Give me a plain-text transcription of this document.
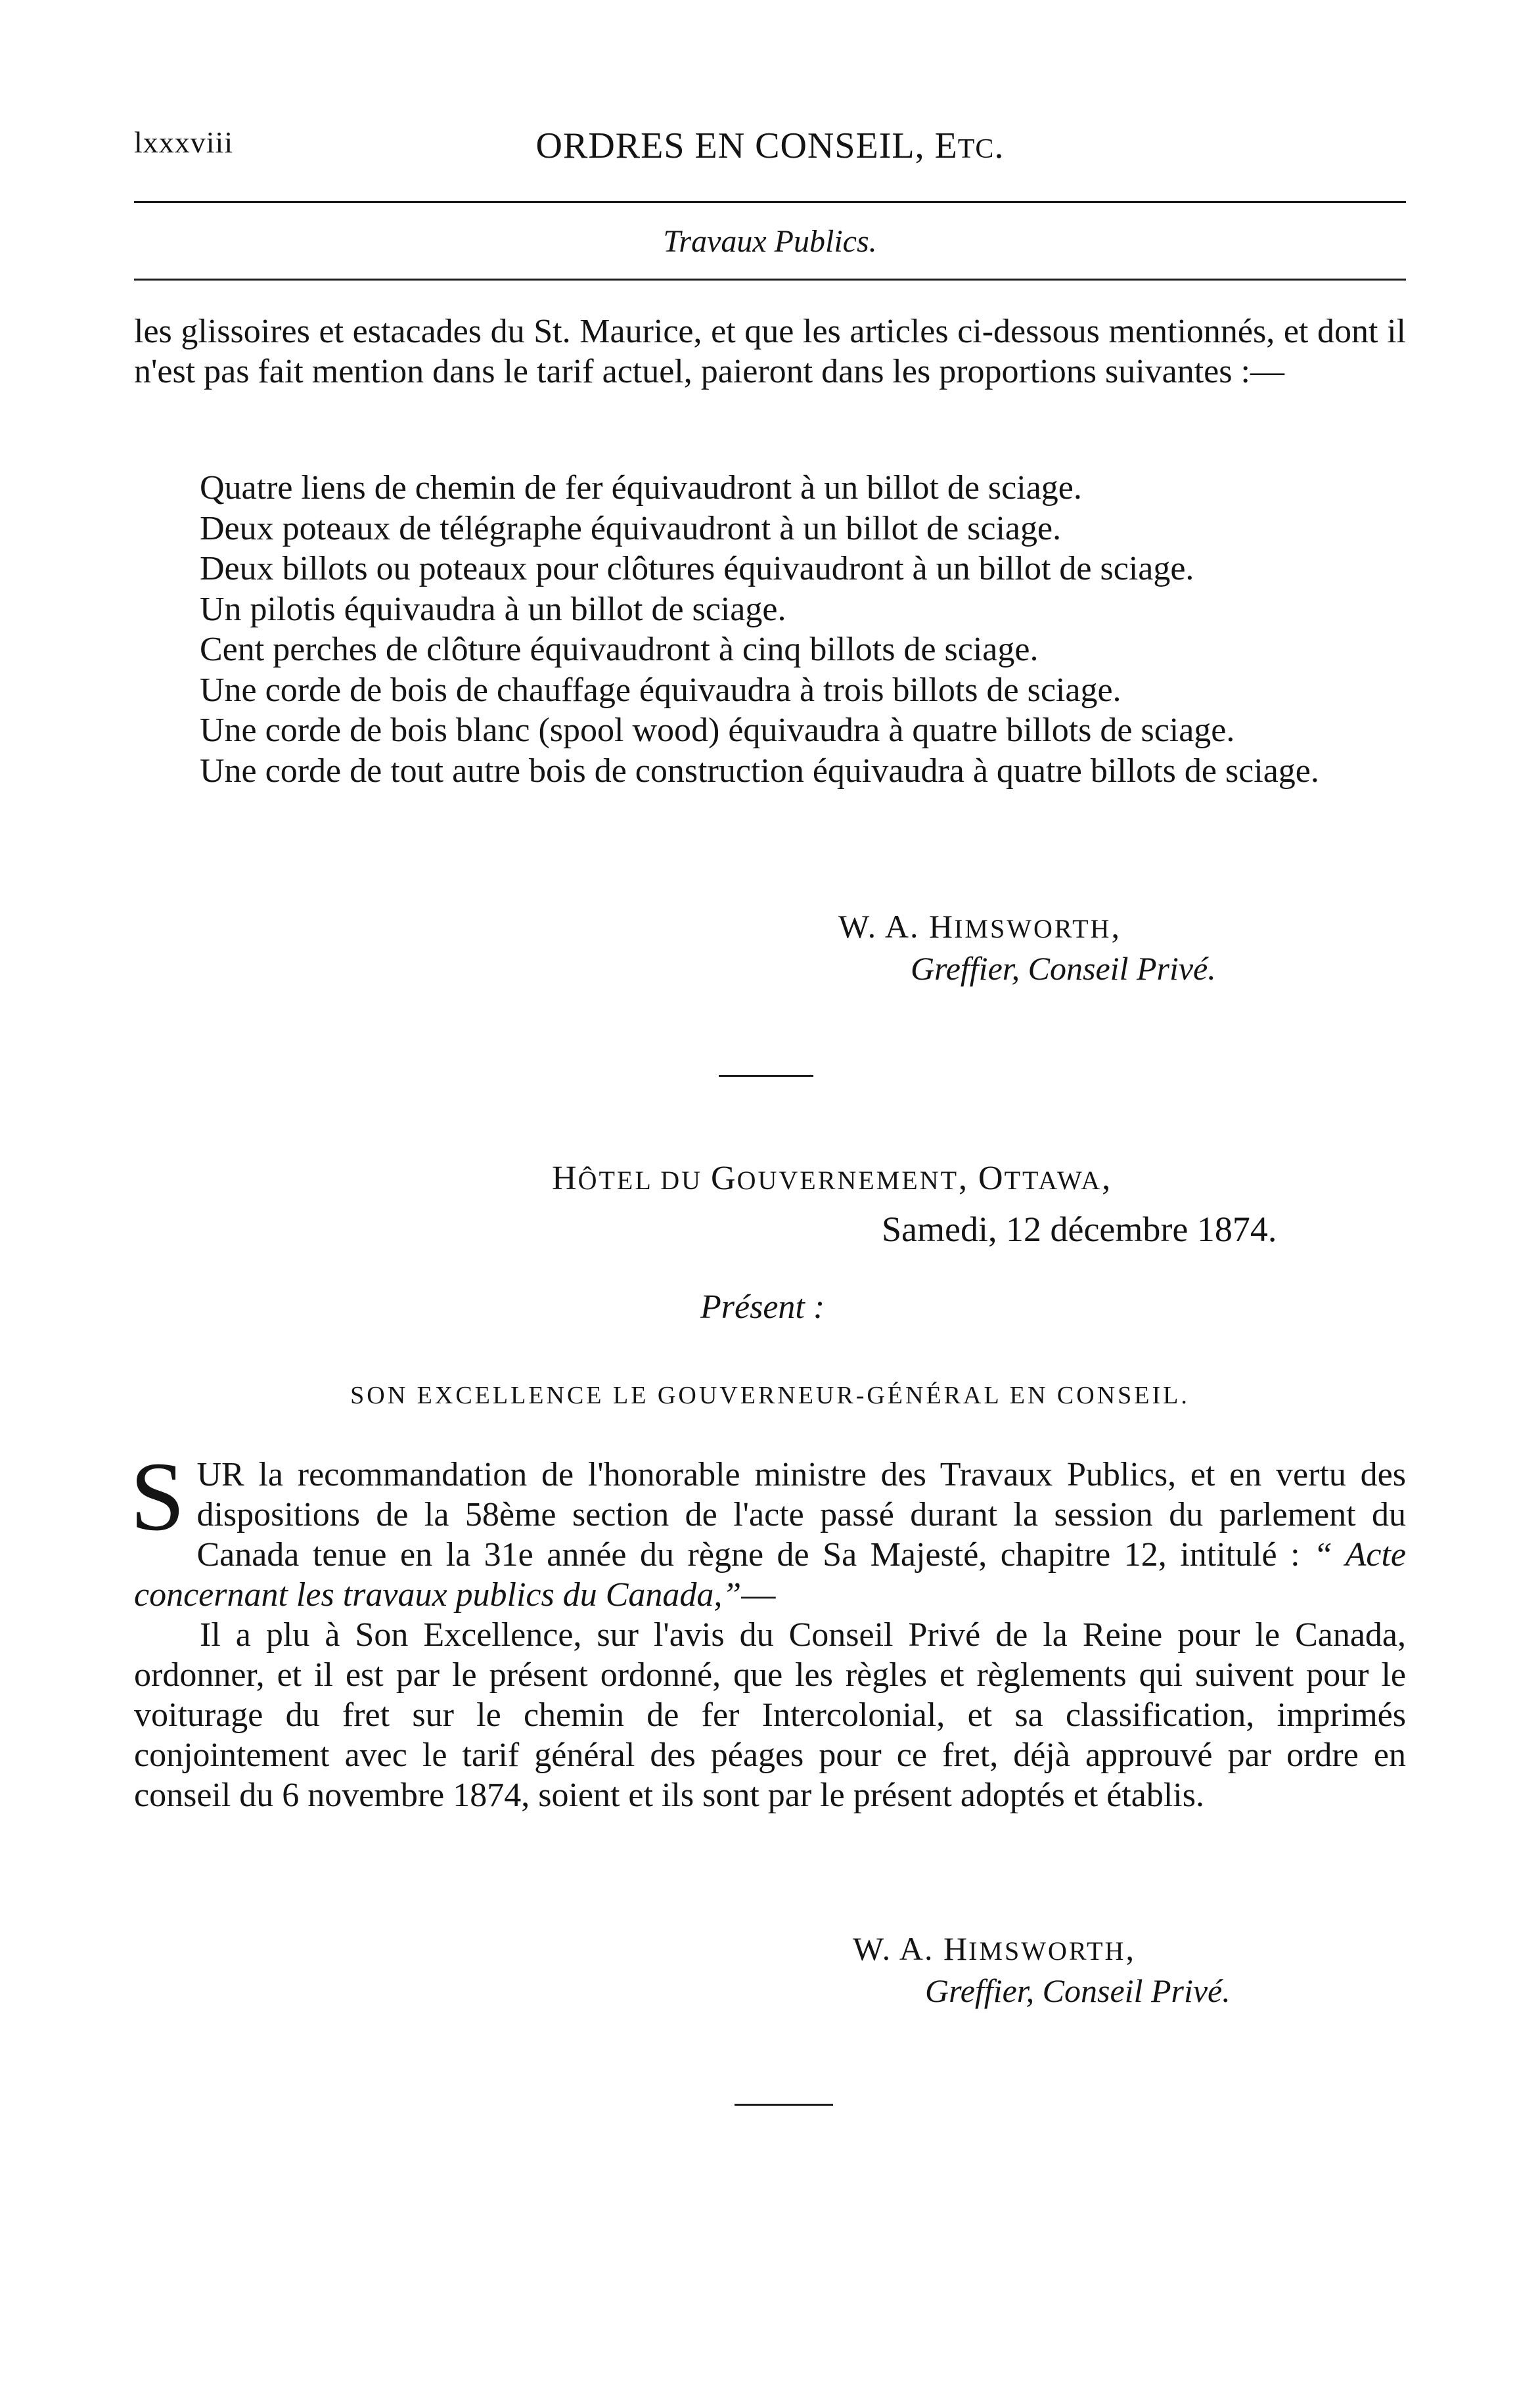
lxxxviii	ORDRES EN CONSEIL, ETC.
Travaux Publics.

les glissoires et estacades du St. Maurice, et que les articles ci-dessous mentionnés, et dont il n'est pas fait mention dans le tarif actuel, paieront dans les proportions suivantes :—

Quatre liens de chemin de fer équivaudront à un billot de sciage.

Deux poteaux de télégraphe équivaudront à un billot de sciage.

Deux billots ou poteaux pour clôtures équivaudront à un billot de sciage.

Un pilotis équivaudra à un billot de sciage.

Cent perches de clôture équivaudront à cinq billots de sciage.

Une corde de bois de chauffage équivaudra à trois billots de sciage.

Une corde de bois blanc (spool wood) équivaudra à quatre billots de sciage.

Une corde de tout autre bois de construction équivaudra à quatre billots de sciage.

W. A. HIMSWORTH,
Greffier, Conseil Privé.
HÔTEL DU GOUVERNEMENT, OTTAWA,
Samedi, 12 décembre 1874.
Présent :
SON EXCELLENCE LE GOUVERNEUR-GÉNÉRAL EN CONSEIL.

SUR la recommandation de l'honorable ministre des Travaux Publics, et en vertu des dispositions de la 58ème section de l'acte passé durant la session du parlement du Canada tenue en la 31e année du règne de Sa Majesté, chapitre 12, intitulé : “ Acte concernant les travaux publics du Canada,”—

Il a plu à Son Excellence, sur l'avis du Conseil Privé de la Reine pour le Canada, ordonner, et il est par le présent ordonné, que les règles et règlements qui suivent pour le voiturage du fret sur le chemin de fer Intercolonial, et sa classification, imprimés conjointement avec le tarif général des péages pour ce fret, déjà approuvé par ordre en conseil du 6 novembre 1874, soient et ils sont par le présent adoptés et établis.

W. A. HIMSWORTH,
Greffier, Conseil Privé.
